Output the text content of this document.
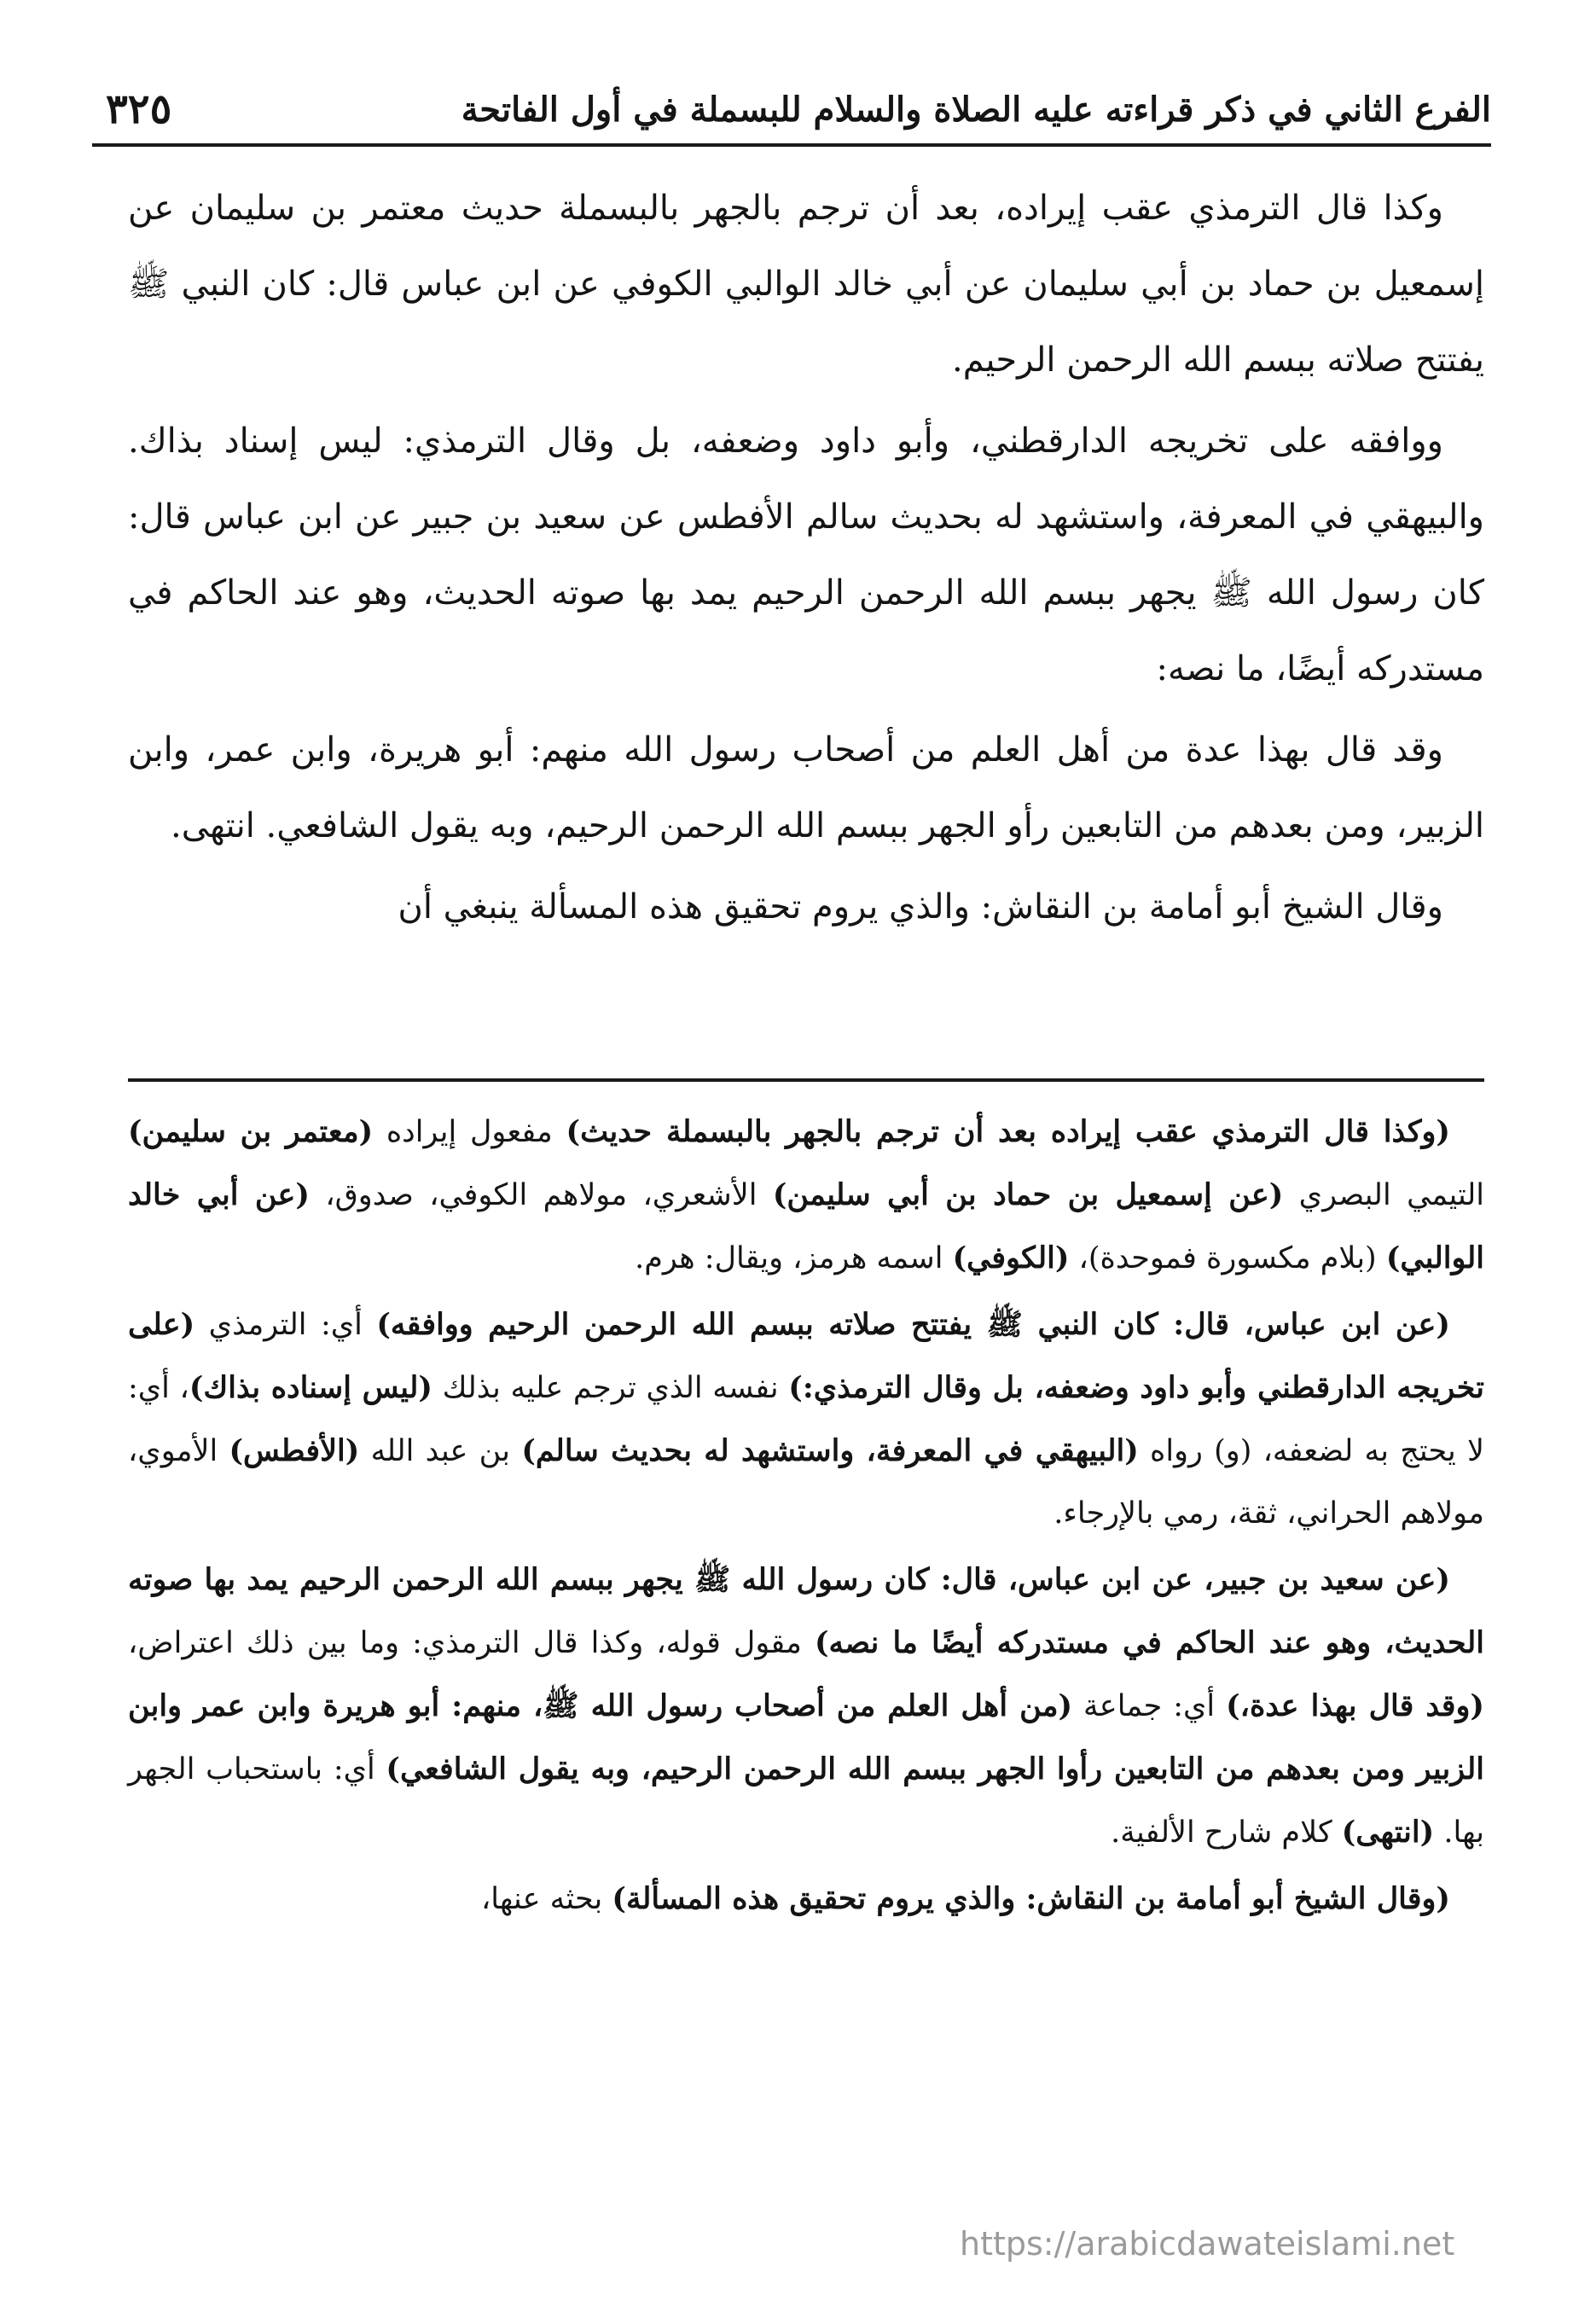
الفرع الثاني في ذكر قراءته عليه الصلاة والسلام للبسملة في أول الفاتحة
٣٢٥

وكذا قال الترمذي عقب إيراده، بعد أن ترجم بالجهر بالبسملة حديث معتمر بن سليمان عن إسمعيل بن حماد بن أبي سليمان عن أبي خالد الوالبي الكوفي عن ابن عباس قال: كان النبي ﷺ يفتتح صلاته ببسم الله الرحمن الرحيم.

ووافقه على تخريجه الدارقطني، وأبو داود وضعفه، بل وقال الترمذي: ليس إسناد بذاك. والبيهقي في المعرفة، واستشهد له بحديث سالم الأفطس عن سعيد بن جبير عن ابن عباس قال: كان رسول الله ﷺ يجهر ببسم الله الرحمن الرحيم يمد بها صوته الحديث، وهو عند الحاكم في مستدركه أيضًا، ما نصه:

وقد قال بهذا عدة من أهل العلم من أصحاب رسول الله منهم: أبو هريرة، وابن عمر، وابن الزبير، ومن بعدهم من التابعين رأو الجهر ببسم الله الرحمن الرحيم، وبه يقول الشافعي. انتهى.

وقال الشيخ أبو أمامة بن النقاش: والذي يروم تحقيق هذه المسألة ينبغي أن

(وكذا قال الترمذي عقب إيراده بعد أن ترجم بالجهر بالبسملة حديث) مفعول إيراده (معتمر بن سليمن) التيمي البصري (عن إسمعيل بن حماد بن أبي سليمن) الأشعري، مولاهم الكوفي، صدوق، (عن أبي خالد الوالبي) (بلام مكسورة فموحدة)، (الكوفي) اسمه هرمز، ويقال: هرم.

(عن ابن عباس، قال: كان النبي ﷺ يفتتح صلاته ببسم الله الرحمن الرحيم ووافقه) أي: الترمذي (على تخريجه الدارقطني وأبو داود وضعفه، بل وقال الترمذي:) نفسه الذي ترجم عليه بذلك (ليس إسناده بذاك)، أي: لا يحتج به لضعفه، (و) رواه (البيهقي في المعرفة، واستشهد له بحديث سالم) بن عبد الله (الأفطس) الأموي، مولاهم الحراني، ثقة، رمي بالإرجاء.

(عن سعيد بن جبير، عن ابن عباس، قال: كان رسول الله ﷺ يجهر ببسم الله الرحمن الرحيم يمد بها صوته الحديث، وهو عند الحاكم في مستدركه أيضًا ما نصه) مقول قوله، وكذا قال الترمذي: وما بين ذلك اعتراض، (وقد قال بهذا عدة،) أي: جماعة (من أهل العلم من أصحاب رسول الله ﷺ، منهم: أبو هريرة وابن عمر وابن الزبير ومن بعدهم من التابعين رأوا الجهر ببسم الله الرحمن الرحيم، وبه يقول الشافعي) أي: باستحباب الجهر بها. (انتهى) كلام شارح الألفية.

(وقال الشيخ أبو أمامة بن النقاش: والذي يروم تحقيق هذه المسألة) بحثه عنها،

https://arabicdawateislami.net
